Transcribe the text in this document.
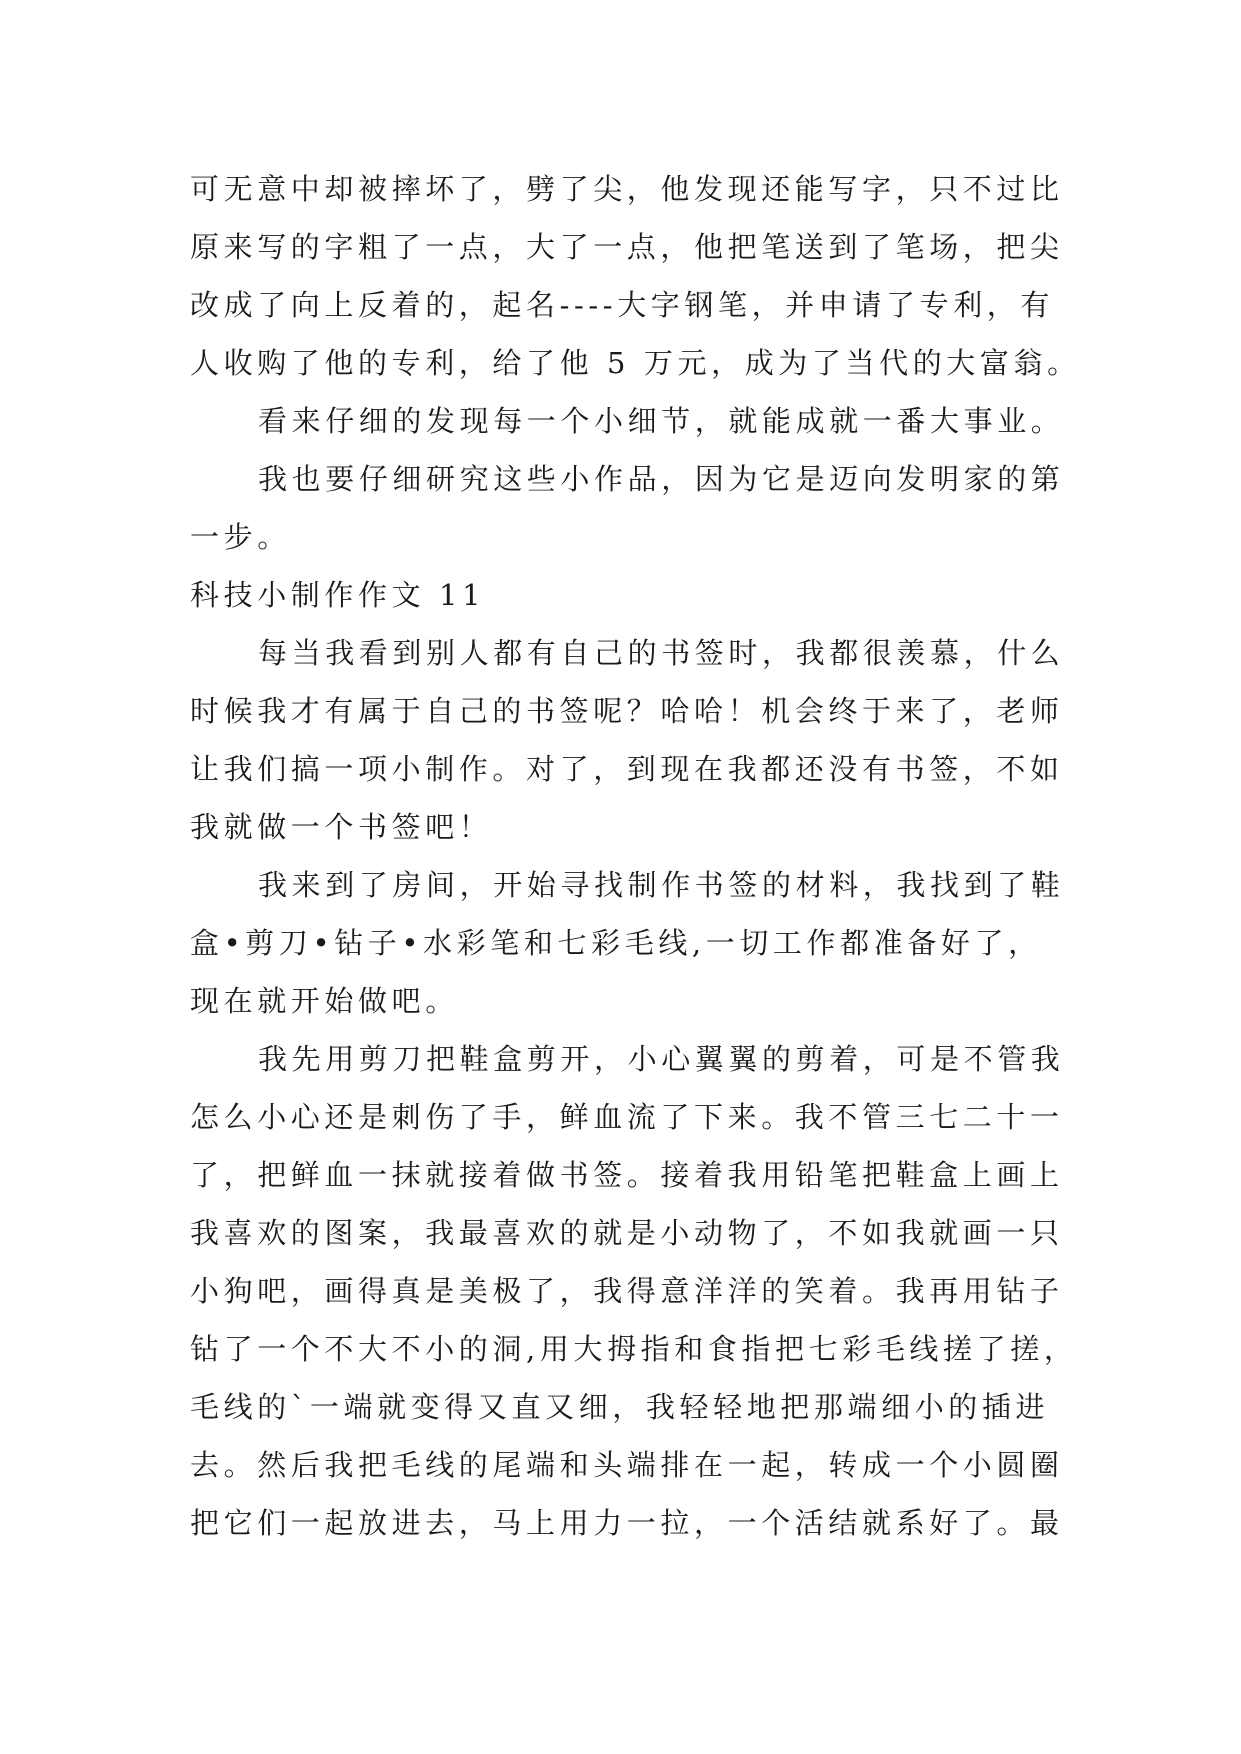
可无意中却被摔坏了，劈了尖，他发现还能写字，只不过比
原来写的字粗了一点，大了一点，他把笔送到了笔场，把尖
改成了向上反着的，起名----大字钢笔，并申请了专利，有
人收购了他的专利，给了他 5 万元，成为了当代的大富翁。
看来仔细的发现每一个小细节，就能成就一番大事业。
我也要仔细研究这些小作品，因为它是迈向发明家的第
一步。
科技小制作作文 11
每当我看到别人都有自己的书签时，我都很羡慕，什么
时候我才有属于自己的书签呢？哈哈！机会终于来了，老师
让我们搞一项小制作。对了，到现在我都还没有书签，不如
我就做一个书签吧！
我来到了房间，开始寻找制作书签的材料，我找到了鞋
盒•剪刀•钻子•水彩笔和七彩毛线,一切工作都准备好了，
现在就开始做吧。
我先用剪刀把鞋盒剪开，小心翼翼的剪着，可是不管我
怎么小心还是刺伤了手，鲜血流了下来。我不管三七二十一
了，把鲜血一抹就接着做书签。接着我用铅笔把鞋盒上画上
我喜欢的图案，我最喜欢的就是小动物了，不如我就画一只
小狗吧，画得真是美极了，我得意洋洋的笑着。我再用钻子
钻了一个不大不小的洞,用大拇指和食指把七彩毛线搓了搓，
毛线的`一端就变得又直又细，我轻轻地把那端细小的插进
去。然后我把毛线的尾端和头端排在一起，转成一个小圆圈
把它们一起放进去，马上用力一拉，一个活结就系好了。最
